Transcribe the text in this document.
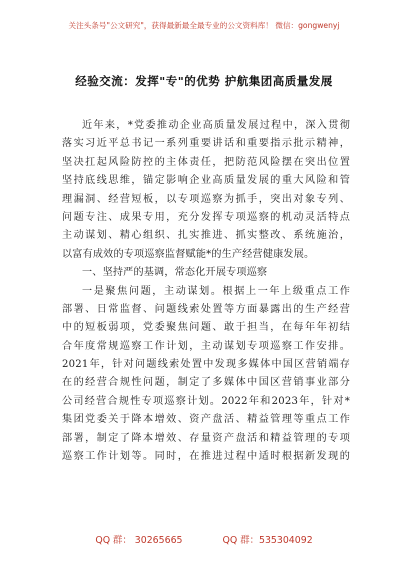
关注头条号"公文研究"，获得最新最全最专业的公文资料库！ 微信：gongwenyj
经验交流：发挥"专"的优势 护航集团高质量发展
近年来，*党委推动企业高质量发展过程中，深入贯彻
落实习近平总书记一系列重要讲话和重要指示批示精神，
坚决扛起风险防控的主体责任，把防范风险摆在突出位置
坚持底线思维，锚定影响企业高质量发展的重大风险和管
理漏洞、经营短板，以专项巡察为抓手，突出对象专列、
问题专注、成果专用，充分发挥专项巡察的机动灵活特点
主动谋划、精心组织、扎实推进、抓实整改、系统施治，
以富有成效的专项巡察监督赋能*的生产经营健康发展。
一、坚持严的基调，常态化开展专项巡察
一是聚焦问题，主动谋划。根据上一年上级重点工作
部署、日常监督、问题线索处置等方面暴露出的生产经营
中的短板弱项，党委聚焦问题、敢于担当，在每年年初结
合年度常规巡察工作计划，主动谋划专项巡察工作安排。
2021年，针对问题线索处置中发现多媒体中国区营销端存
在的经营合规性问题，制定了多媒体中国区营销事业部分
公司经营合规性专项巡察计划。2022年和2023年，针对*
集团党委关于降本增效、资产盘活、精益管理等重点工作
部署，制定了降本增效、存量资产盘活和精益管理的专项
巡察工作计划等。同时，在推进过程中适时根据新发现的
QQ 群： 30265665	QQ 群：535304092
